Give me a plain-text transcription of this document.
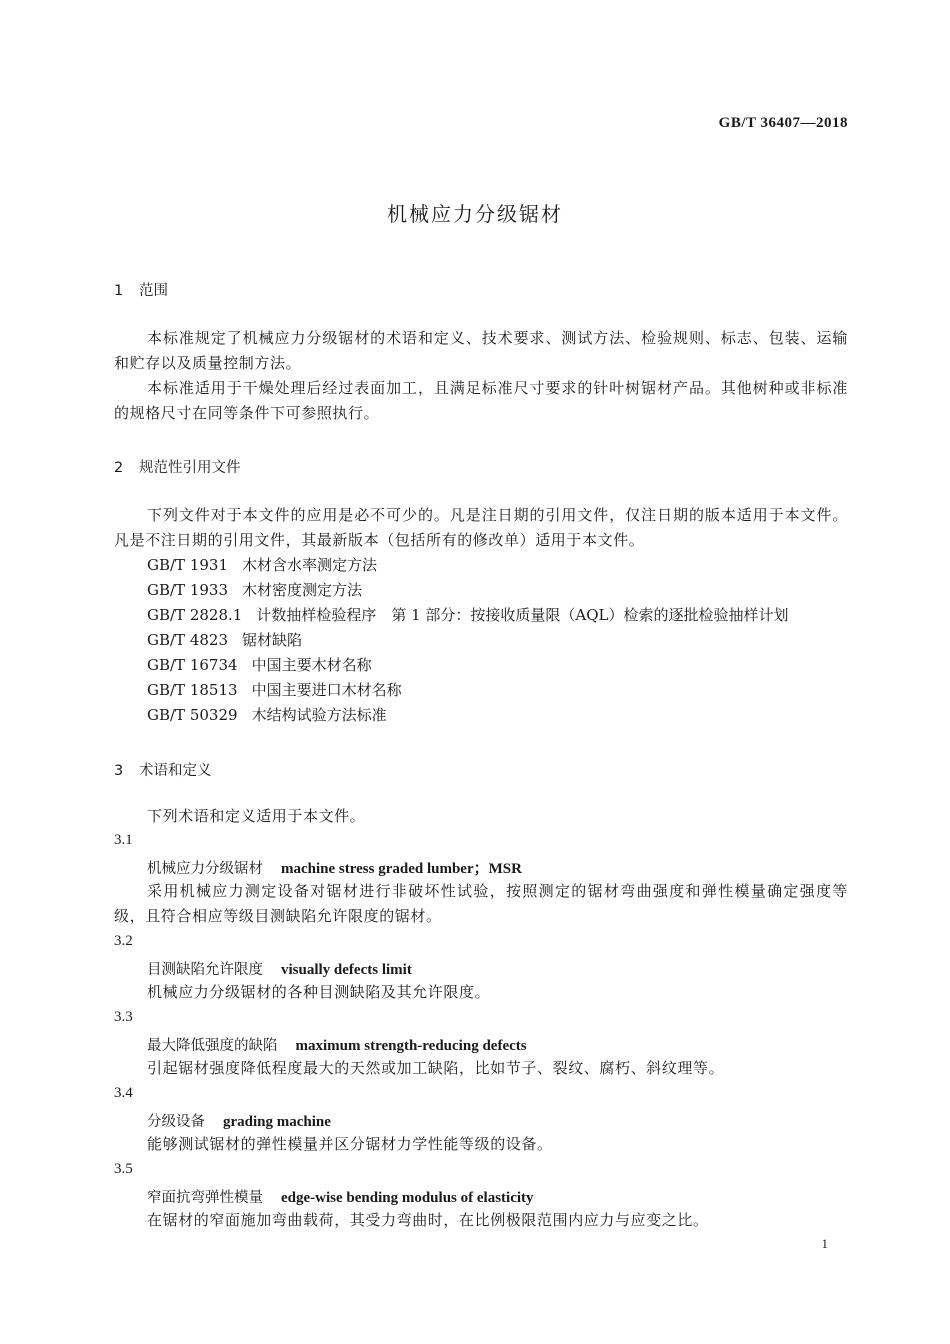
GB/T 36407—2018
机械应力分级锯材
1 范围
本标准规定了机械应力分级锯材的术语和定义、技术要求、测试方法、检验规则、标志、包装、运输和贮存以及质量控制方法。
本标准适用于干燥处理后经过表面加工，且满足标准尺寸要求的针叶树锯材产品。其他树种或非标准的规格尺寸在同等条件下可参照执行。
2 规范性引用文件
下列文件对于本文件的应用是必不可少的。凡是注日期的引用文件，仅注日期的版本适用于本文件。凡是不注日期的引用文件，其最新版本（包括所有的修改单）适用于本文件。
GB/T 1931 木材含水率测定方法
GB/T 1933 木材密度测定方法
GB/T 2828.1 计数抽样检验程序　第 1 部分：按接收质量限（AQL）检索的逐批检验抽样计划
GB/T 4823 锯材缺陷
GB/T 16734 中国主要木材名称
GB/T 18513 中国主要进口木材名称
GB/T 50329 木结构试验方法标准
3 术语和定义
下列术语和定义适用于本文件。
3.1
机械应力分级锯材 machine stress graded lumber；MSR
采用机械应力测定设备对锯材进行非破坏性试验，按照测定的锯材弯曲强度和弹性模量确定强度等级，且符合相应等级目测缺陷允许限度的锯材。
3.2
目测缺陷允许限度 visually defects limit
机械应力分级锯材的各种目测缺陷及其允许限度。
3.3
最大降低强度的缺陷 maximum strength-reducing defects
引起锯材强度降低程度最大的天然或加工缺陷，比如节子、裂纹、腐朽、斜纹理等。
3.4
分级设备 grading machine
能够测试锯材的弹性模量并区分锯材力学性能等级的设备。
3.5
窄面抗弯弹性模量 edge-wise bending modulus of elasticity
在锯材的窄面施加弯曲载荷，其受力弯曲时，在比例极限范围内应力与应变之比。
1
